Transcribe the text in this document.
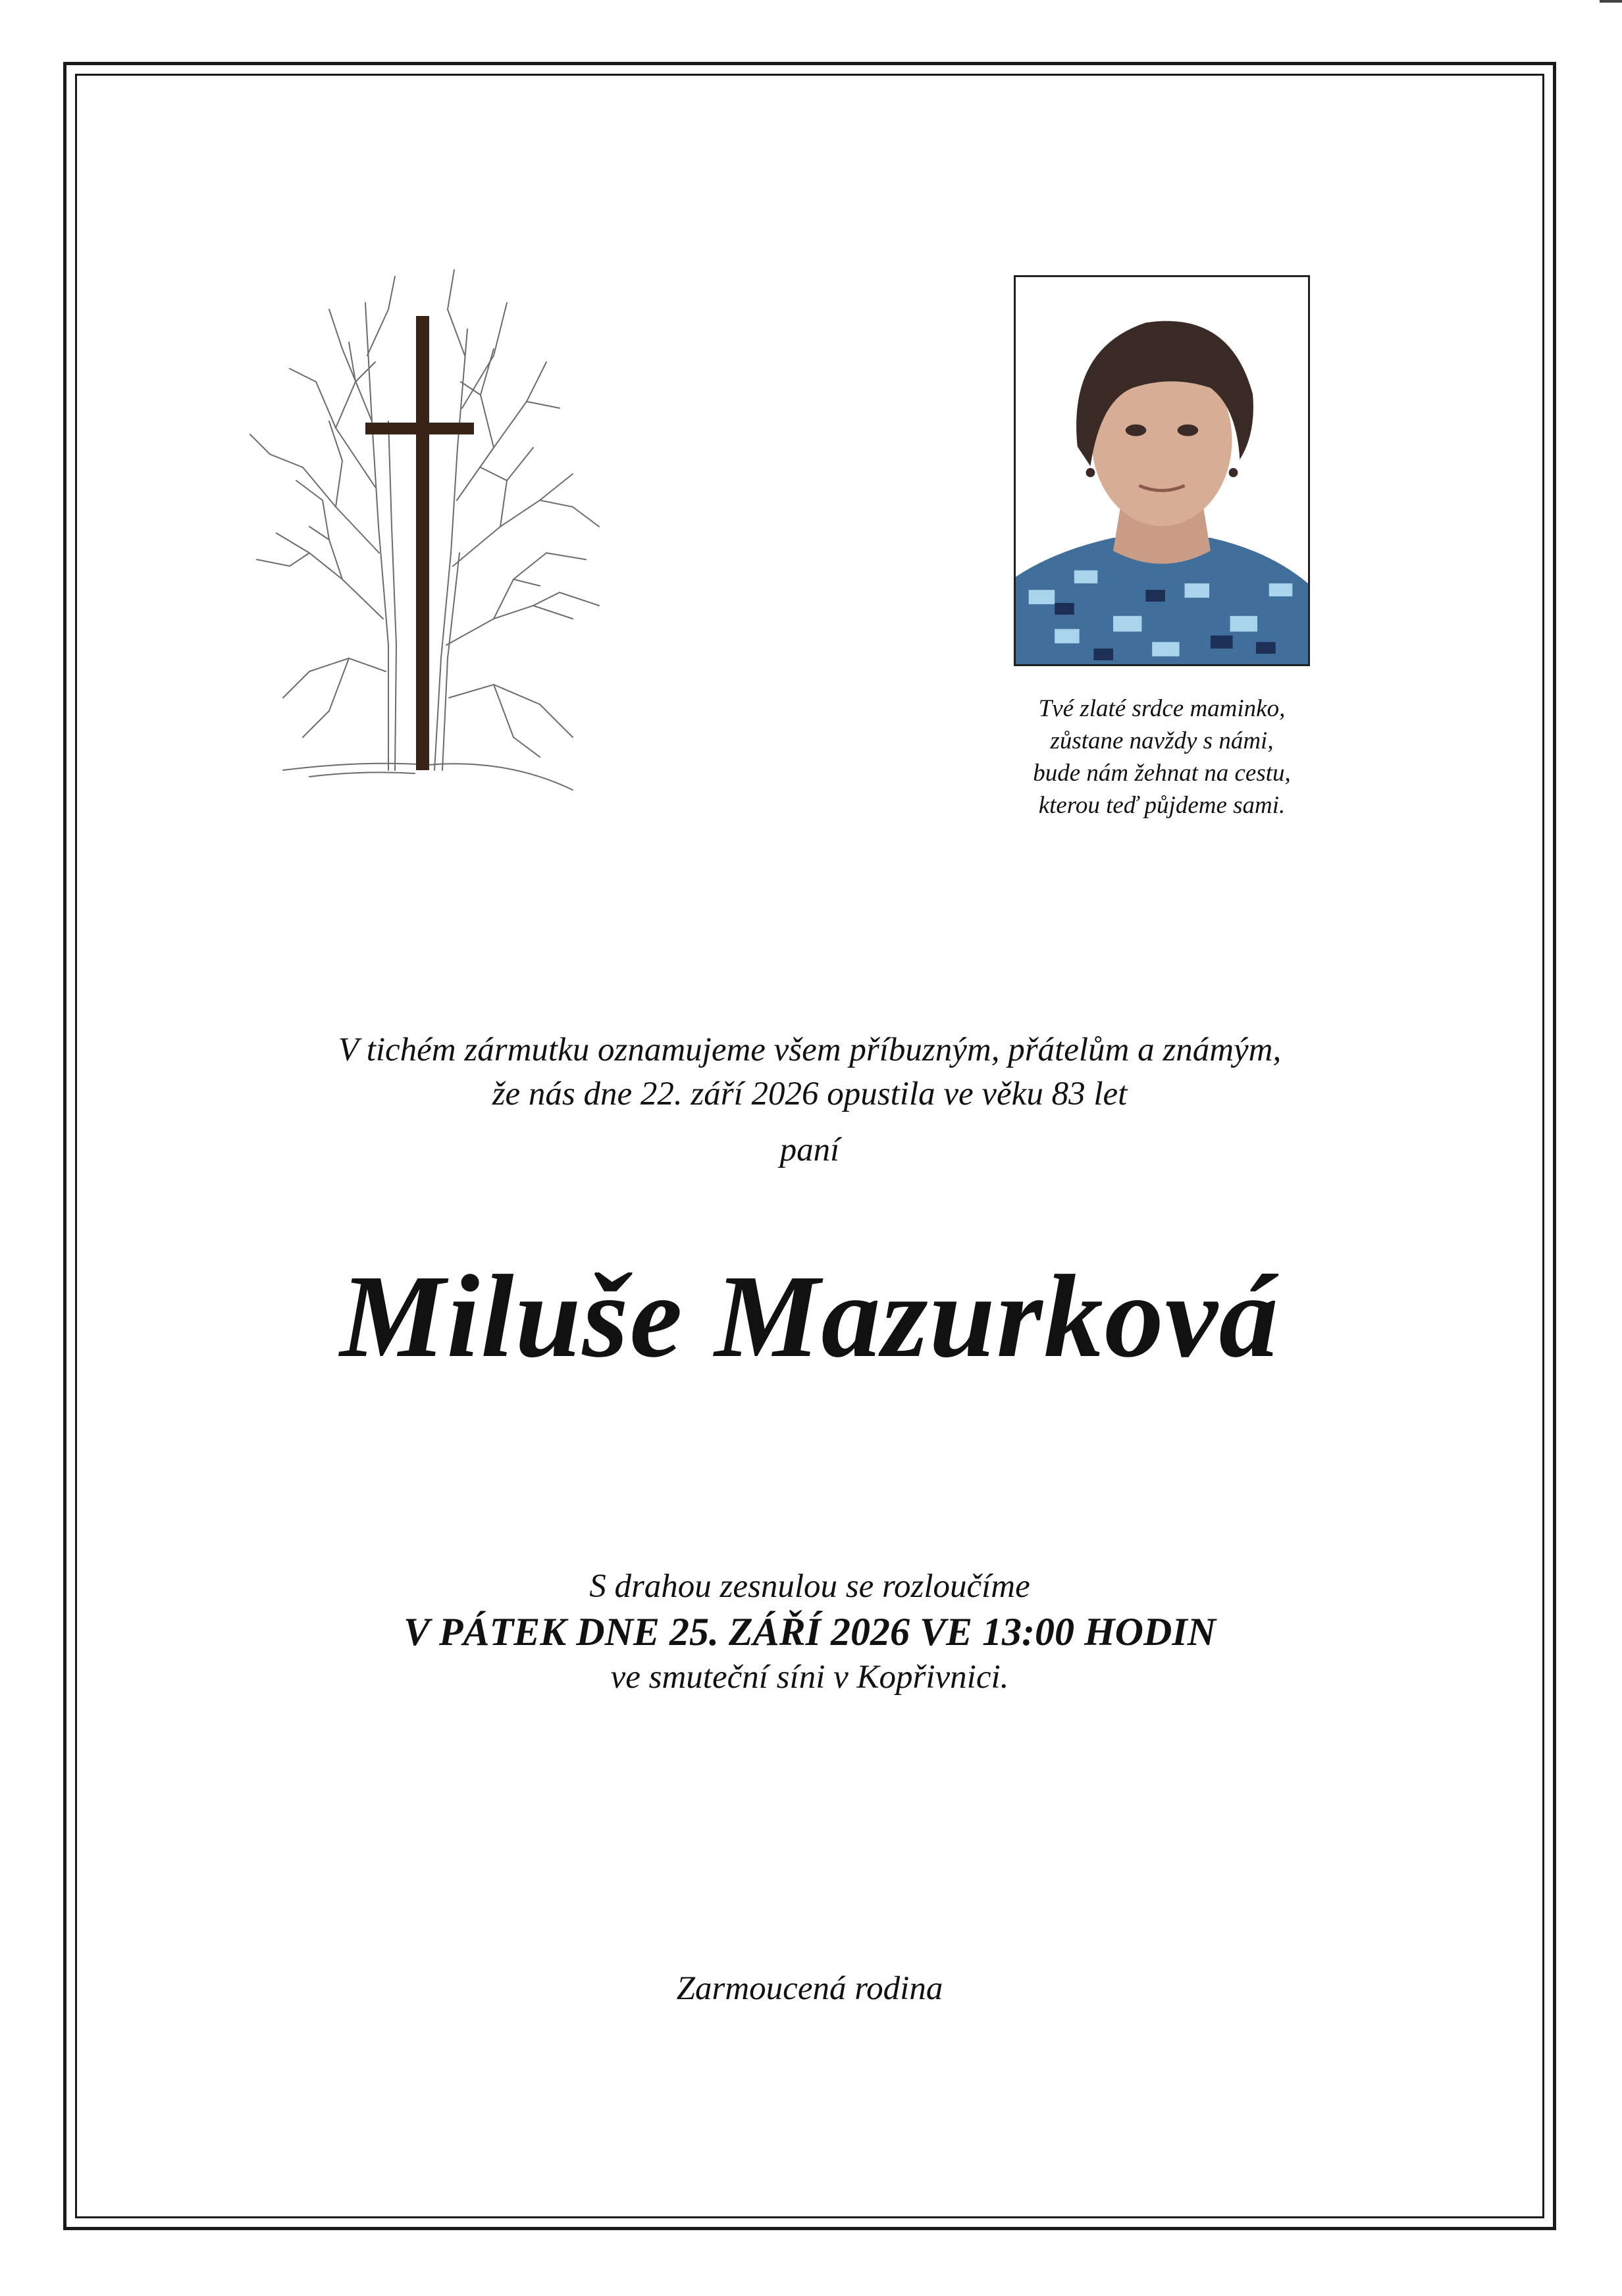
Tvé zlaté srdce maminko,
zůstane navždy s námi,
bude nám žehnat na cestu,
kterou teď půjdeme sami.
V tichém zármutku oznamujeme všem příbuzným, přátelům a známým,
že nás dne 22. září 2026 opustila ve věku 83 let
paní
Miluše Mazurková
S drahou zesnulou se rozloučíme
V PÁTEK DNE 25. ZÁŘÍ 2026 VE 13:00 HODIN
ve smuteční síni v Kopřivnici.
Zarmoucená rodina
